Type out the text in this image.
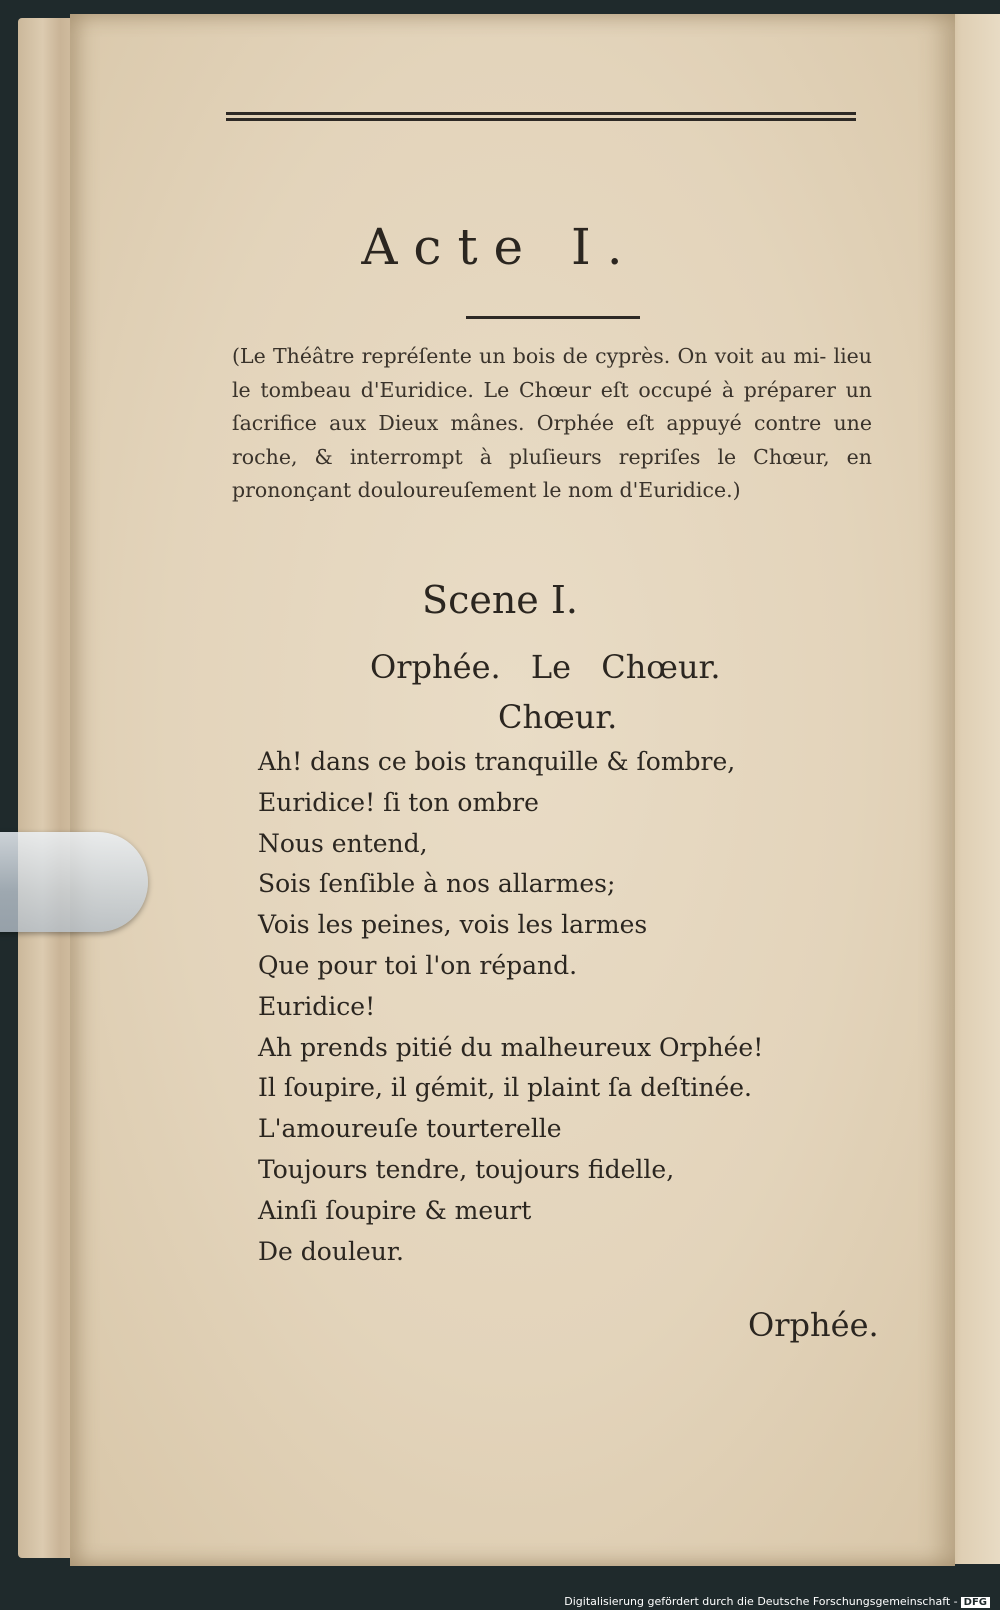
Acte I.
(Le Théâtre repréſente un bois de cyprès. On voit au mi- lieu le tombeau d'Euridice. Le Chœur eſt occupé à préparer un ſacrifice aux Dieux mânes. Orphée eſt appuyé contre une roche, & interrompt à pluſieurs repriſes le Chœur, en prononçant douloureuſement le nom d'Euridice.)
Scene I.
Orphée. Le Chœur.
Chœur.
Ah! dans ce bois tranquille & ſombre,
Euridice! ſi ton ombre
Nous entend,
Sois ſenſible à nos allarmes;
Vois les peines, vois les larmes
Que pour toi l'on répand.
Euridice!
Ah prends pitié du malheureux Orphée!
Il ſoupire, il gémit, il plaint ſa deſtinée.
L'amoureuſe tourterelle
Toujours tendre, toujours fidelle,
Ainſi ſoupire & meurt
De douleur.
Orphée.
Digitalisierung gefördert durch die Deutsche Forschungsgemeinschaft - DFG
